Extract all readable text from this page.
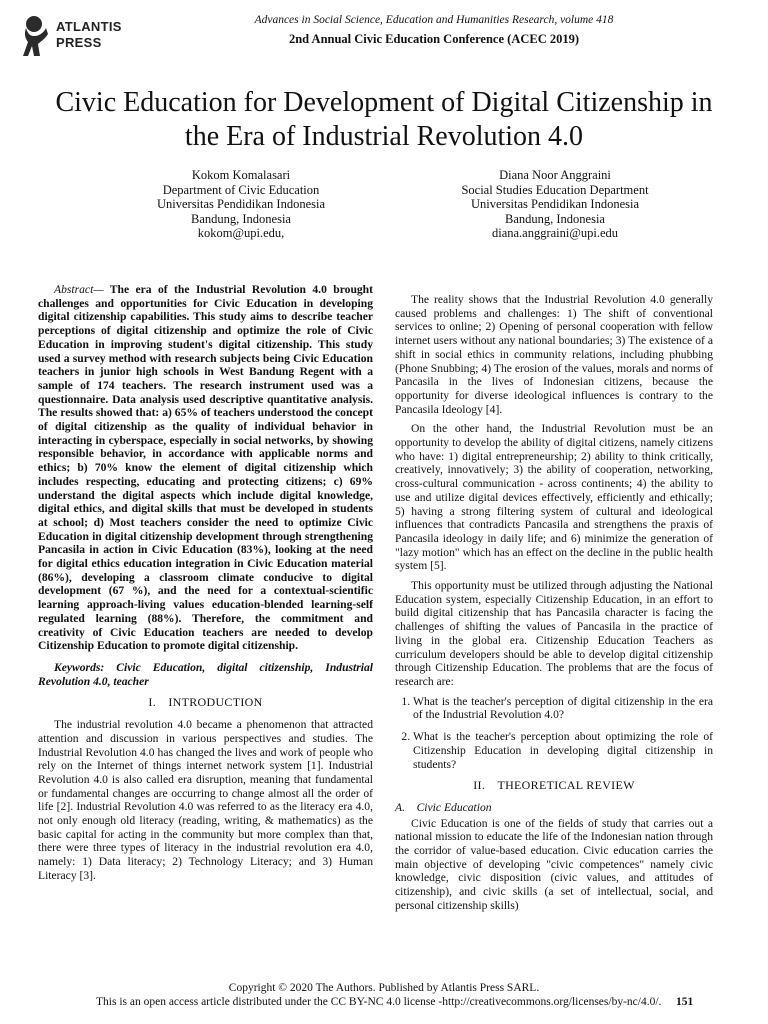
ATLANTIS
PRESS
Advances in Social Science, Education and Humanities Research, volume 418
2nd Annual Civic Education Conference (ACEC 2019)
Civic Education for Development of Digital Citizenship in the Era of Industrial Revolution 4.0
Kokom Komalasari
Department of Civic Education
Universitas Pendidikan Indonesia
Bandung, Indonesia
kokom@upi.edu,
Diana Noor Anggraini
Social Studies Education Department
Universitas Pendidikan Indonesia
Bandung, Indonesia
diana.anggraini@upi.edu

Abstract— The era of the Industrial Revolution 4.0 brought challenges and opportunities for Civic Education in developing digital citizenship capabilities. This study aims to describe teacher perceptions of digital citizenship and optimize the role of Civic Education in improving student's digital citizenship. This study used a survey method with research subjects being Civic Education teachers in junior high schools in West Bandung Regent with a sample of 174 teachers. The research instrument used was a questionnaire. Data analysis used descriptive quantitative analysis. The results showed that: a) 65% of teachers understood the concept of digital citizenship as the quality of individual behavior in interacting in cyberspace, especially in social networks, by showing responsible behavior, in accordance with applicable norms and ethics; b) 70% know the element of digital citizenship which includes respecting, educating and protecting citizens; c) 69% understand the digital aspects which include digital knowledge, digital ethics, and digital skills that must be developed in students at school; d) Most teachers consider the need to optimize Civic Education in digital citizenship development through strengthening Pancasila in action in Civic Education (83%), looking at the need for digital ethics education integration in Civic Education material (86%), developing a classroom climate conducive to digital development (67 %), and the need for a contextual-scientific learning approach-living values education-blended learning-self regulated learning (88%). Therefore, the commitment and creativity of Civic Education teachers are needed to develop Citizenship Education to promote digital citizenship.

Keywords: Civic Education, digital citizenship, Industrial Revolution 4.0, teacher

I. INTRODUCTION

The industrial revolution 4.0 became a phenomenon that attracted attention and discussion in various perspectives and studies. The Industrial Revolution 4.0 has changed the lives and work of people who rely on the Internet of things internet network system [1]. Industrial Revolution 4.0 is also called era disruption, meaning that fundamental or fundamental changes are occurring to change almost all the order of life [2]. Industrial Revolution 4.0 was referred to as the literacy era 4.0, not only enough old literacy (reading, writing, & mathematics) as the basic capital for acting in the community but more complex than that, there were three types of literacy in the industrial revolution era 4.0, namely: 1) Data literacy; 2) Technology Literacy; and 3) Human Literacy [3].

The reality shows that the Industrial Revolution 4.0 generally caused problems and challenges: 1) The shift of conventional services to online; 2) Opening of personal cooperation with fellow internet users without any national boundaries; 3) The existence of a shift in social ethics in community relations, including phubbing (Phone Snubbing; 4) The erosion of the values, morals and norms of Pancasila in the lives of Indonesian citizens, because the opportunity for diverse ideological influences is contrary to the Pancasila Ideology [4].

On the other hand, the Industrial Revolution must be an opportunity to develop the ability of digital citizens, namely citizens who have: 1) digital entrepreneurship; 2) ability to think critically, creatively, innovatively; 3) the ability of cooperation, networking, cross-cultural communication - across continents; 4) the ability to use and utilize digital devices effectively, efficiently and ethically; 5) having a strong filtering system of cultural and ideological influences that contradicts Pancasila and strengthens the praxis of Pancasila ideology in daily life; and 6) minimize the generation of "lazy motion" which has an effect on the decline in the public health system [5].

This opportunity must be utilized through adjusting the National Education system, especially Citizenship Education, in an effort to build digital citizenship that has Pancasila character is facing the challenges of shifting the values of Pancasila in the practice of living in the global era. Citizenship Education Teachers as curriculum developers should be able to develop digital citizenship through Citizenship Education. The problems that are the focus of research are:

1. What is the teacher's perception of digital citizenship in the era of the Industrial Revolution 4.0?
2. What is the teacher's perception about optimizing the role of Citizenship Education in developing digital citizenship in students?

II. THEORETICAL REVIEW

A. Civic Education

Civic Education is one of the fields of study that carries out a national mission to educate the life of the Indonesian nation through the corridor of value-based education. Civic education carries the main objective of developing "civic competences" namely civic knowledge, civic disposition (civic values, and attitudes of citizenship), and civic skills (a set of intellectual, social, and personal citizenship skills)

Copyright © 2020 The Authors. Published by Atlantis Press SARL.
This is an open access article distributed under the CC BY-NC 4.0 license -http://creativecommons.org/licenses/by-nc/4.0/. 151
